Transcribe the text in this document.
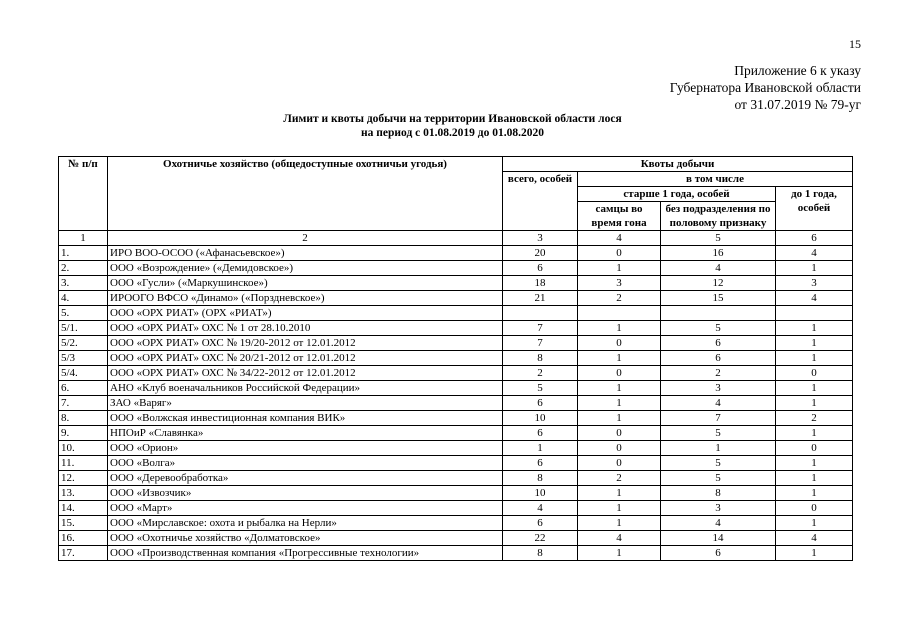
15
Приложение 6 к указу
Губернатора Ивановской области
от 31.07.2019 № 79-уг
Лимит и квоты добычи на территории Ивановской области лося
на период с 01.08.2019 до 01.08.2020
№ п/п	Охотничье хозяйство (общедоступные охотничьи угодья)	Квоты добычи			
		всего, особей	в том числе		
			старше 1 года, особей		до 1 года, особей
			самцы во время гона	без подразделения по половому признаку	
1	2	3	4	5	6
1.	ИРО ВОО-ОСОО («Афанасьевское»)	20	0	16	4
2.	ООО «Возрождение» («Демидовское»)	6	1	4	1
3.	ООО «Гусли» («Маркушинское»)	18	3	12	3
4.	ИРООГО ВФСО «Динамо» («Порздневское»)	21	2	15	4
5.	ООО «ОРХ РИАТ» (ОРХ «РИАТ»)				
5/1.	ООО «ОРХ РИАТ» ОХС № 1 от 28.10.2010	7	1	5	1
5/2.	ООО «ОРХ РИАТ» ОХС № 19/20-2012 от 12.01.2012	7	0	6	1
5/3	ООО «ОРХ РИАТ» ОХС № 20/21-2012 от 12.01.2012	8	1	6	1
5/4.	ООО «ОРХ РИАТ» ОХС № 34/22-2012 от 12.01.2012	2	0	2	0
6.	АНО «Клуб военачальников Российской Федерации»	5	1	3	1
7.	ЗАО «Варяг»	6	1	4	1
8.	ООО «Волжская инвестиционная компания ВИК»	10	1	7	2
9.	НПОиР «Славянка»	6	0	5	1
10.	ООО «Орион»	1	0	1	0
11.	ООО «Волга»	6	0	5	1
12.	ООО «Деревообработка»	8	2	5	1
13.	ООО «Извозчик»	10	1	8	1
14.	ООО «Март»	4	1	3	0
15.	ООО «Мирславское: охота и рыбалка на Нерли»	6	1	4	1
16.	ООО «Охотничье хозяйство «Долматовское»	22	4	14	4
17.	ООО «Производственная компания «Прогрессивные технологии»	8	1	6	1
